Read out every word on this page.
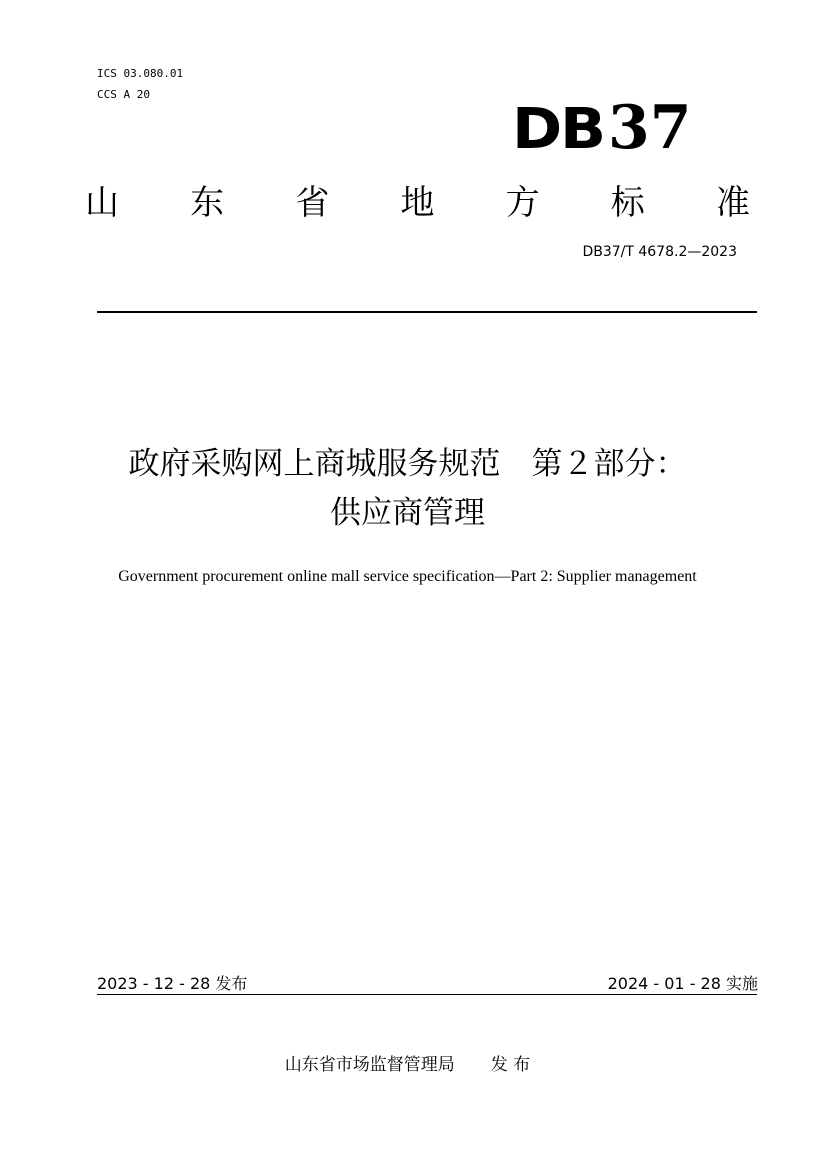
ICS 03.080.01
CCS A 20
DB 37
山 东 省 地 方 标 准
DB37/T 4678.2—2023
政府采购网上商城服务规范　第２部分：
供应商管理
Government procurement online mall service specification—Part 2: Supplier management
2023 - 12 - 28 发布	2024 - 01 - 28 实施
山东省市场监督管理局 发 布
